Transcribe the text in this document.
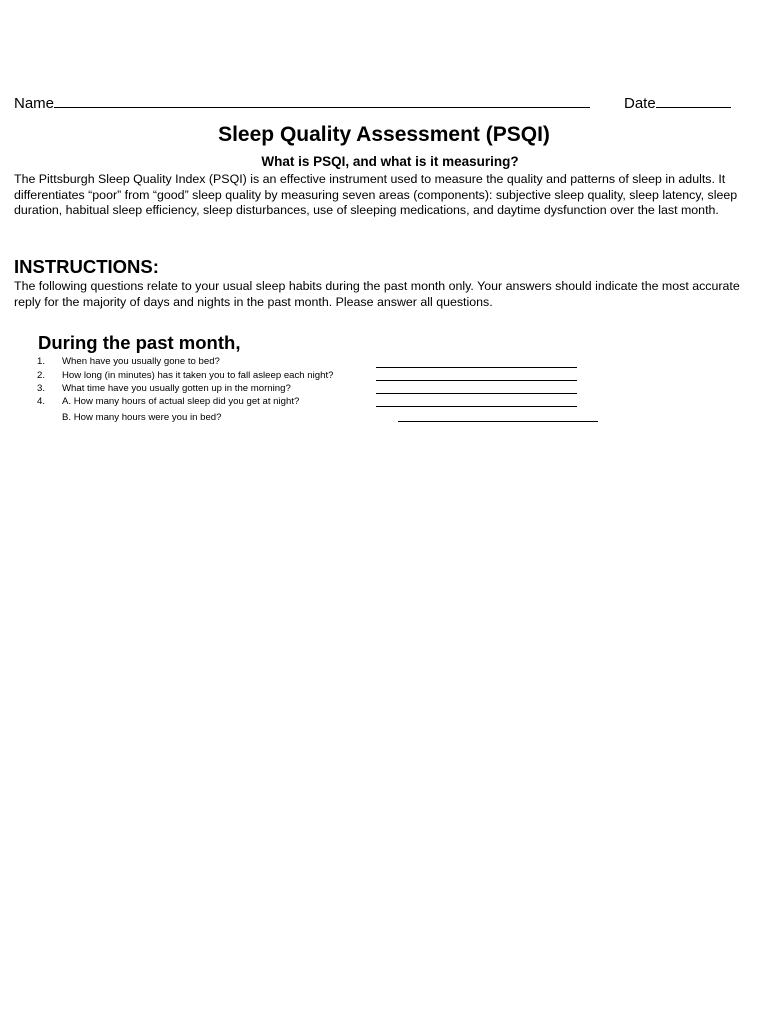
Name	Date
Sleep Quality Assessment (PSQI)
What is PSQI, and what is it measuring?
The Pittsburgh Sleep Quality Index (PSQI) is an effective instrument used to measure the quality and patterns of sleep in adults. It differentiates “poor” from “good” sleep quality by measuring seven areas (components): subjective sleep quality, sleep latency, sleep duration, habitual sleep efficiency, sleep disturbances, use of sleeping medications, and daytime dysfunction over the last month.
INSTRUCTIONS:
The following questions relate to your usual sleep habits during the past month only. Your answers should indicate the most accurate reply for the majority of days and nights in the past month. Please answer all questions.
During the past month,
1. When have you usually gone to bed?
2. How long (in minutes) has it taken you to fall asleep each night?
3. What time have you usually gotten up in the morning?
4. A. How many hours of actual sleep did you get at night?
B. How many hours were you in bed?
